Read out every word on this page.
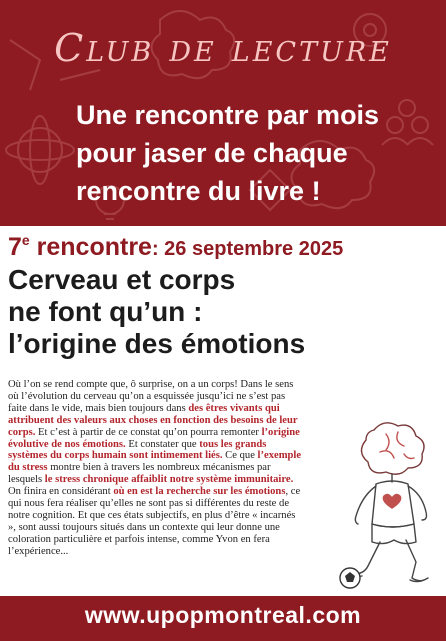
Club de lecture
Une rencontre par mois
pour jaser de chaque
rencontre du livre !
7e rencontre: 26 septembre 2025
Cerveau et corps
ne font qu’un :
l’origine des émotions
Où l’on se rend compte que, ô surprise, on a un corps! Dans le sens où l’évolution du cerveau qu’on a esquissée jusqu’ici ne s’est pas faite dans le vide, mais bien toujours dans des êtres vivants qui attribuent des valeurs aux choses en fonction des besoins de leur corps. Et c’est à partir de ce constat qu’on pourra remonter l’origine évolutive de nos émotions. Et constater que tous les grands systèmes du corps humain sont intimement liés. Ce que l’exemple du stress montre bien à travers les nombreux mécanismes par lesquels le stress chronique affaiblit notre système immunitaire. On finira en considérant où en est la recherche sur les émotions, ce qui nous fera réaliser qu’elles ne sont pas si différentes du reste de notre cognition. Et que ces états subjectifs, en plus d’être « incarnés », sont aussi toujours situés dans un contexte qui leur donne une coloration particulière et parfois intense, comme Yvon en fera l’expérience...
www.upopmontreal.com
